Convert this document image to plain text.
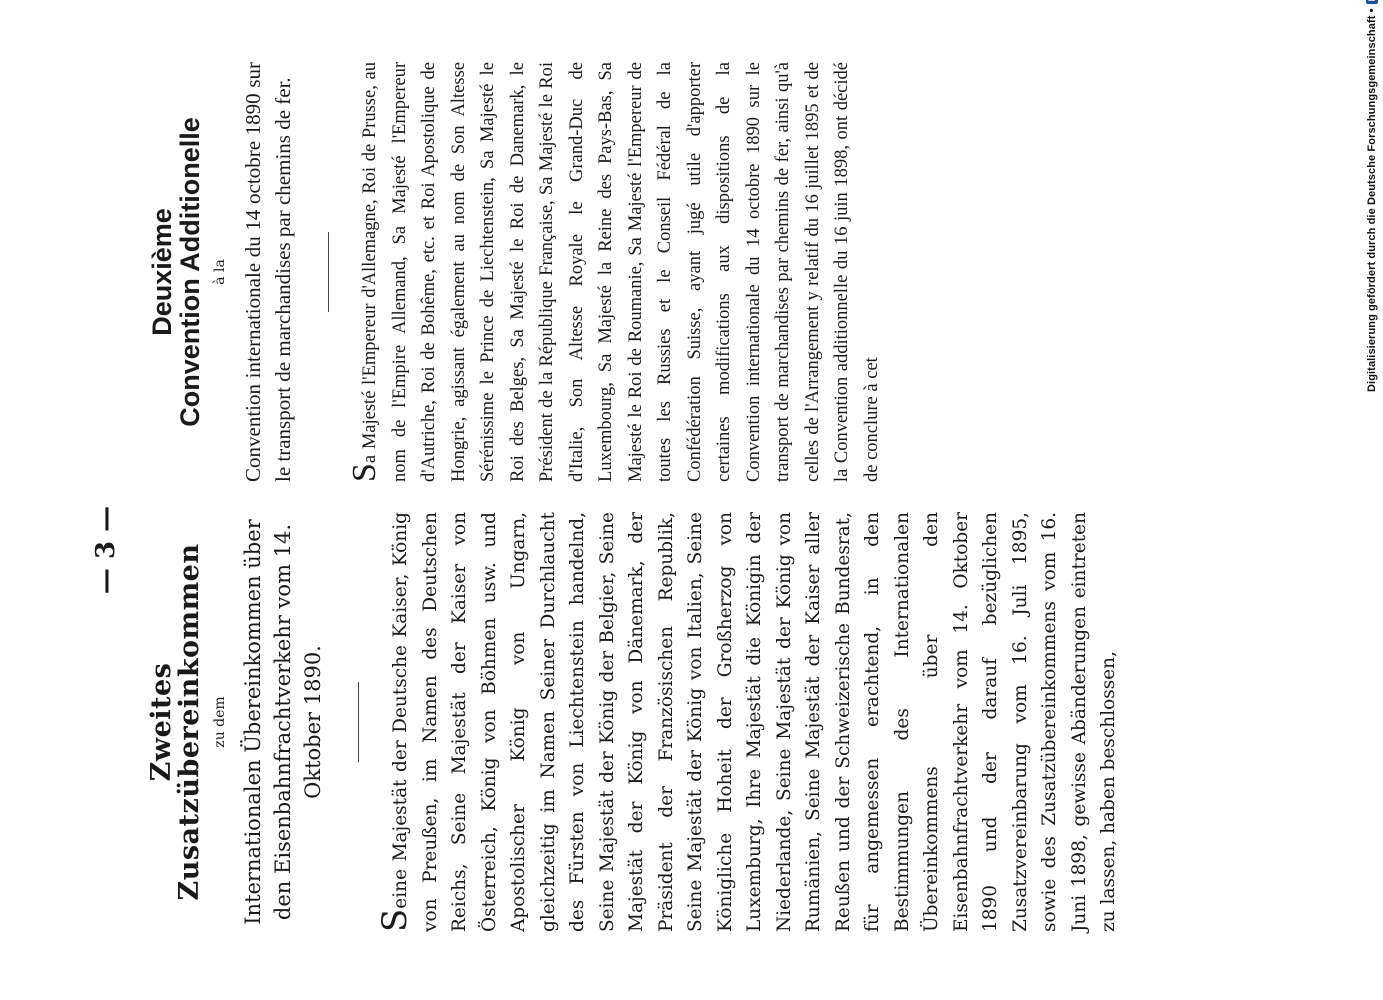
— 3 —

Zweites

Zusatzübereinkommen zu dem Internationalen Übereinkommen über den Eisenbahnfrachtverkehr vom 14. Oktober 1890.

Seine Majestät der Deutsche Kaiser, König von Preußen, im Namen des Deutschen Reichs, Seine Majestät der Kaiser von Österreich, König von Böhmen usw. und Apostolischer König von Ungarn, gleichzeitig im Namen Seiner Durchlaucht des Fürsten von Liechtenstein handelnd, Seine Majestät der König der Belgier, Seine Majestät der König von Dänemark, der Präsident der Französischen Republik, Seine Majestät der König von Italien, Seine Königliche Hoheit der Großherzog von Luxemburg, Ihre Majestät die Königin der Niederlande, Seine Majestät der König von Rumänien, Seine Majestät der Kaiser aller Reußen und der Schweizerische Bundesrat, für angemessen erachtend, in den Bestimmungen des Internationalen Übereinkommens über den Eisenbahnfrachtverkehr vom 14. Oktober 1890 und der darauf bezüglichen Zusatzvereinbarung vom 16. Juli 1895, sowie des Zusatzübereinkommens vom 16. Juni 1898, gewisse Abänderungen eintreten zu lassen, haben beschlossen,

Deuxième

Convention Additionelle à la Convention internationale du 14 octobre 1890 sur le transport de marchandises par chemins de fer. Sa Majesté l'Empereur d'Allemagne, Roi de Prusse, au nom de l'Empire Allemand, Sa Majesté l'Empereur d'Autriche, Roi de Bohême, etc. et Roi Apostolique de Hongrie, agissant également au nom de Son Altesse Sérénissime le Prince de Liechtenstein, Sa Majesté le Roi des Belges, Sa Majesté le Roi de Danemark, le Président de la République Française, Sa Majesté le Roi d'Italie, Son Altesse Royale le Grand-Duc de Luxembourg, Sa Majesté la Reine des Pays-Bas, Sa Majesté le Roi de Roumanie, Sa Majesté l'Empereur de toutes les Russies et le Conseil Fédéral de la Confédération Suisse, ayant jugé utile d'apporter certaines modifications aux dispositions de la Convention internationale du 14 octobre 1890 sur le transport de marchandises par chemins de fer, ainsi qu'à celles de l'Arrangement y relatif du 16 juillet 1895 et de la Convention additionnelle du 16 juin 1898, ont décidé de conclure à cet

Digitalisierung gefördert durch die Deutsche Forschungsgemeinschaft •
